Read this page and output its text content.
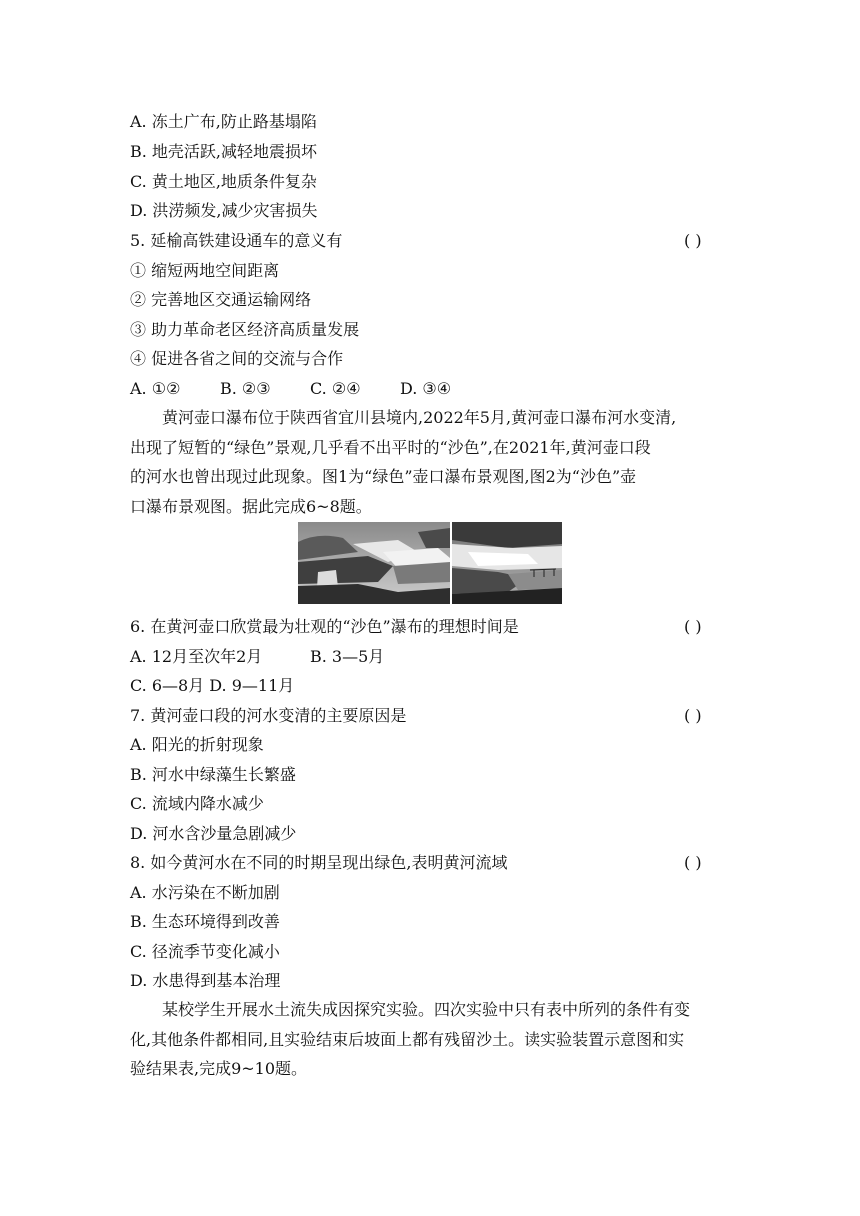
A. 冻土广布,防止路基塌陷
B. 地壳活跃,减轻地震损坏
C. 黄土地区,地质条件复杂
D. 洪涝频发,减少灾害损失
5. 延榆高铁建设通车的意义有	( )
① 缩短两地空间距离
② 完善地区交通运输网络
③ 助力革命老区经济高质量发展
④ 促进各省之间的交流与合作
A. ①② B. ②③ C. ②④ D. ③④
黄河壶口瀑布位于陕西省宜川县境内,2022年5月,黄河壶口瀑布河水变清,
出现了短暂的“绿色”景观,几乎看不出平时的“沙色”,在2021年,黄河壶口段
的河水也曾出现过此现象。图1为“绿色”壶口瀑布景观图,图2为“沙色”壶
口瀑布景观图。据此完成6~8题。
6. 在黄河壶口欣赏最为壮观的“沙色”瀑布的理想时间是	( )
A. 12月至次年2月	B. 3—5月
C. 6—8月 D. 9—11月
7. 黄河壶口段的河水变清的主要原因是	( )
A. 阳光的折射现象
B. 河水中绿藻生长繁盛
C. 流域内降水减少
D. 河水含沙量急剧减少
8. 如今黄河水在不同的时期呈现出绿色,表明黄河流域	( )
A. 水污染在不断加剧
B. 生态环境得到改善
C. 径流季节变化减小
D. 水患得到基本治理
某校学生开展水土流失成因探究实验。四次实验中只有表中所列的条件有变
化,其他条件都相同,且实验结束后坡面上都有残留沙土。读实验装置示意图和实
验结果表,完成9~10题。
